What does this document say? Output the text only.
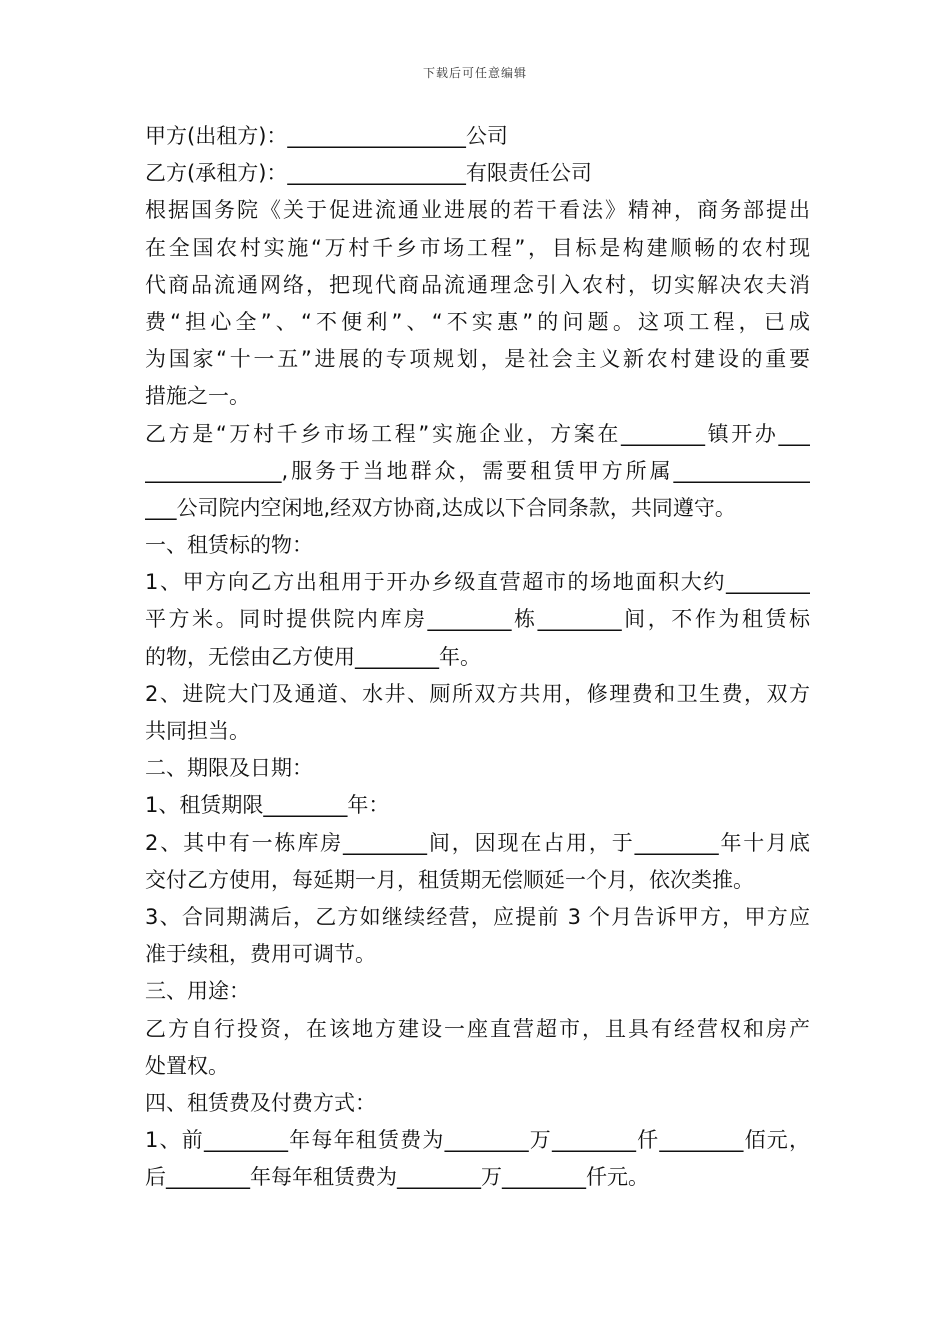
下载后可任意编辑
甲方(出租方)：_________________公司
乙方(承租方)：_________________有限责任公司
根据国务院《关于促进流通业进展的若干看法》精神，商务部提出
在全国农村实施“万村千乡市场工程”，目标是构建顺畅的农村现
代商品流通网络，把现代商品流通理念引入农村，切实解决农夫消
费“担心全”、“不便利”、“不实惠”的问题。这项工程，已成
为国家“十一五”进展的专项规划，是社会主义新农村建设的重要
措施之一。
乙方是“万村千乡市场工程”实施企业，方案在________镇开办___
_____________,服务于当地群众，需要租赁甲方所属_____________
___公司院内空闲地,经双方协商,达成以下合同条款，共同遵守。
一、租赁标的物：
1、甲方向乙方出租用于开办乡级直营超市的场地面积大约________
平方米。同时提供院内库房________栋________间，不作为租赁标
的物，无偿由乙方使用________年。
2、进院大门及通道、水井、厕所双方共用，修理费和卫生费，双方
共同担当。
二、期限及日期：
1、租赁期限________年：
2、其中有一栋库房________间，因现在占用，于________年十月底
交付乙方使用，每延期一月，租赁期无偿顺延一个月，依次类推。
3、合同期满后，乙方如继续经营，应提前 3 个月告诉甲方，甲方应
准于续租，费用可调节。
三、用途：
乙方自行投资，在该地方建设一座直营超市，且具有经营权和房产
处置权。
四、租赁费及付费方式：
1、前________年每年租赁费为________万________仟________佰元，
后________年每年租赁费为________万________仟元。
